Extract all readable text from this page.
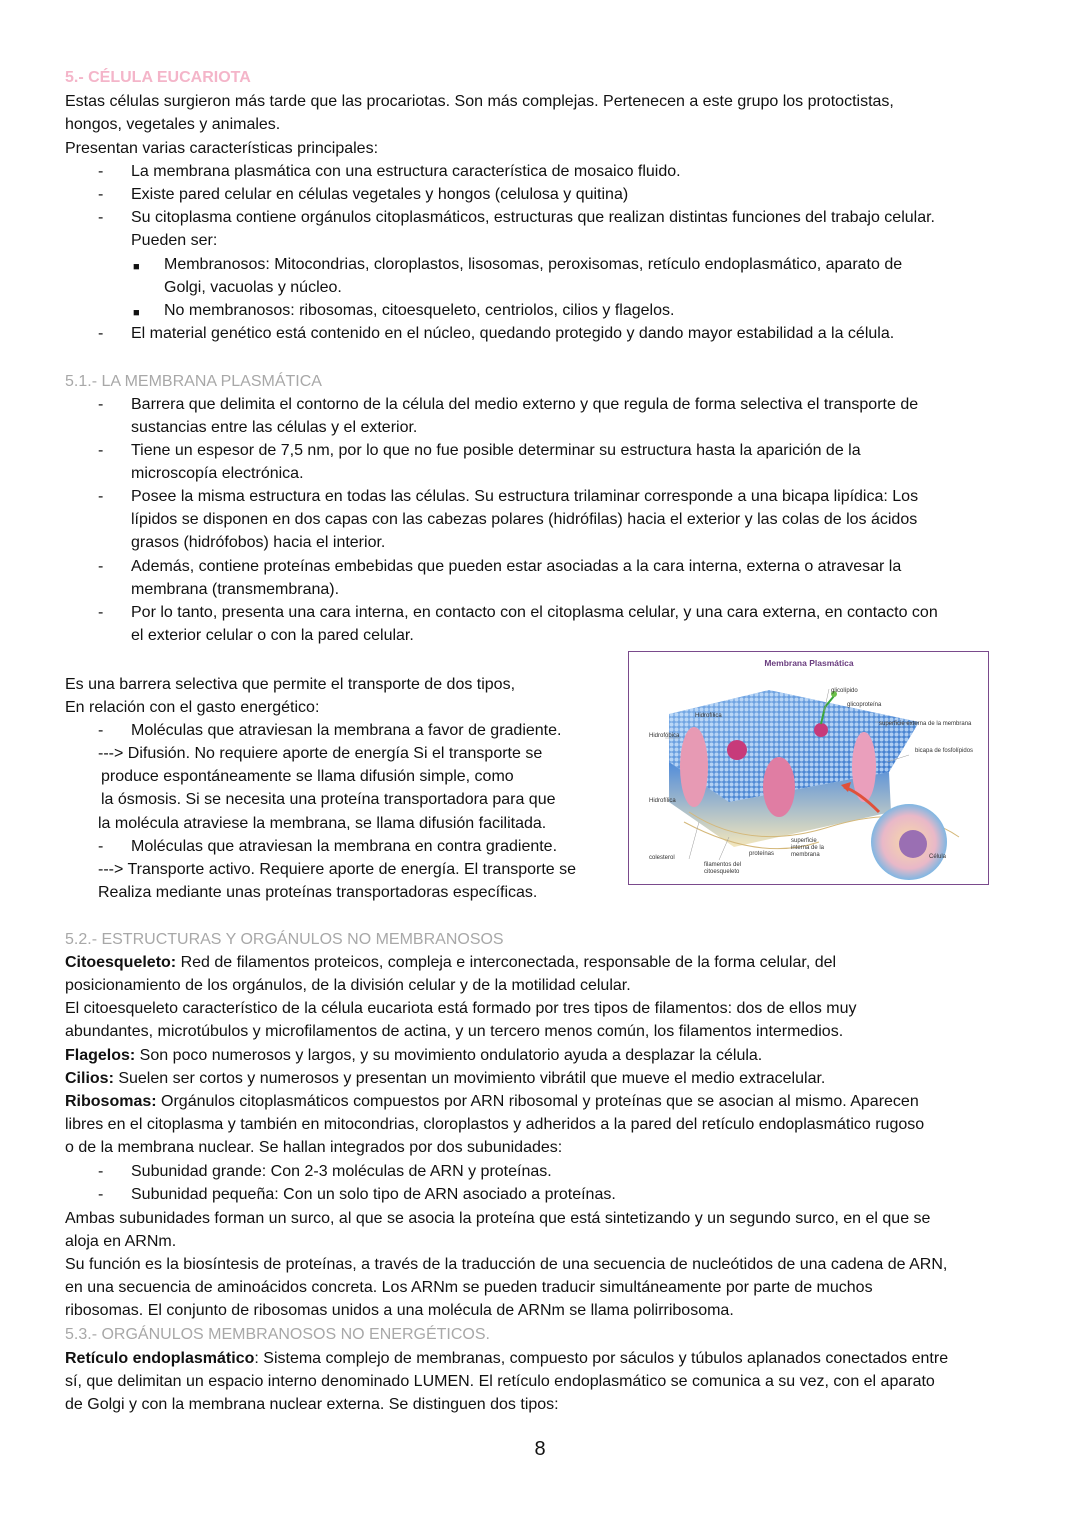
5.- CÉLULA EUCARIOTA
Estas células surgieron más tarde que las procariotas. Son más complejas. Pertenecen a este grupo los protoctistas,
hongos, vegetales y animales.
Presentan varias características principales:
- La membrana plasmática con una estructura característica de mosaico fluido.
- Existe pared celular en células vegetales y hongos (celulosa y quitina)
- Su citoplasma contiene orgánulos citoplasmáticos, estructuras que realizan distintas funciones del trabajo celular.
Pueden ser:
■ Membranosos: Mitocondrias, cloroplastos, lisosomas, peroxisomas, retículo endoplasmático, aparato de
Golgi, vacuolas y núcleo.
■ No membranosos: ribosomas, citoesqueleto, centriolos, cilios y flagelos.
- El material genético está contenido en el núcleo, quedando protegido y dando mayor estabilidad a la célula.
5.1.- LA MEMBRANA PLASMÁTICA
- Barrera que delimita el contorno de la célula del medio externo y que regula de forma selectiva el transporte de
sustancias entre las células y el exterior.
- Tiene un espesor de 7,5 nm, por lo que no fue posible determinar su estructura hasta la aparición de la
microscopía electrónica.
- Posee la misma estructura en todas las células. Su estructura trilaminar corresponde a una bicapa lipídica: Los
lípidos se disponen en dos capas con las cabezas polares (hidrófilas) hacia el exterior y las colas de los ácidos
grasos (hidrófobos) hacia el interior.
- Además, contiene proteínas embebidas que pueden estar asociadas a la cara interna, externa o atravesar la
membrana (transmembrana).
- Por lo tanto, presenta una cara interna, en contacto con el citoplasma celular, y una cara externa, en contacto con
el exterior celular o con la pared celular.
Es una barrera selectiva que permite el transporte de dos tipos,
En relación con el gasto energético:
- Moléculas que atraviesan la membrana a favor de gradiente.
---> Difusión. No requiere aporte de energía Si el transporte se
produce espontáneamente se llama difusión simple, como
la ósmosis. Si se necesita una proteína transportadora para que
la molécula atraviese la membrana, se llama difusión facilitada.
- Moléculas que atraviesan la membrana en contra gradiente.
---> Transporte activo. Requiere aporte de energía. El transporte se
Realiza mediante unas proteínas transportadoras específicas.
Membrana Plasmática
glicolípido
glicoproteína
Hidrofílica
Hidrofóbica
superficie externa de la membrana
bicapa de fosfolípidos
Hidrofílica
superficie
interna de la
membrana
proteínas
colesterol
filamentos del
citoesqueleto
Célula
5.2.- ESTRUCTURAS Y ORGÁNULOS NO MEMBRANOSOS
Citoesqueleto: Red de filamentos proteicos, compleja e interconectada, responsable de la forma celular, del
posicionamiento de los orgánulos, de la división celular y de la motilidad celular.
El citoesqueleto característico de la célula eucariota está formado por tres tipos de filamentos: dos de ellos muy
abundantes, microtúbulos y microfilamentos de actina, y un tercero menos común, los filamentos intermedios.
Flagelos: Son poco numerosos y largos, y su movimiento ondulatorio ayuda a desplazar la célula.
Cilios: Suelen ser cortos y numerosos y presentan un movimiento vibrátil que mueve el medio extracelular.
Ribosomas: Orgánulos citoplasmáticos compuestos por ARN ribosomal y proteínas que se asocian al mismo. Aparecen
libres en el citoplasma y también en mitocondrias, cloroplastos y adheridos a la pared del retículo endoplasmático rugoso
o de la membrana nuclear. Se hallan integrados por dos subunidades:
- Subunidad grande: Con 2-3 moléculas de ARN y proteínas.
- Subunidad pequeña: Con un solo tipo de ARN asociado a proteínas.
Ambas subunidades forman un surco, al que se asocia la proteína que está sintetizando y un segundo surco, en el que se
aloja en ARNm.
Su función es la biosíntesis de proteínas, a través de la traducción de una secuencia de nucleótidos de una cadena de ARN,
en una secuencia de aminoácidos concreta. Los ARNm se pueden traducir simultáneamente por parte de muchos
ribosomas. El conjunto de ribosomas unidos a una molécula de ARNm se llama polirribosoma.
5.3.- ORGÁNULOS MEMBRANOSOS NO ENERGÉTICOS.
Retículo endoplasmático: Sistema complejo de membranas, compuesto por sáculos y túbulos aplanados conectados entre
sí, que delimitan un espacio interno denominado LUMEN. El retículo endoplasmático se comunica a su vez, con el aparato
de Golgi y con la membrana nuclear externa. Se distinguen dos tipos:
8
